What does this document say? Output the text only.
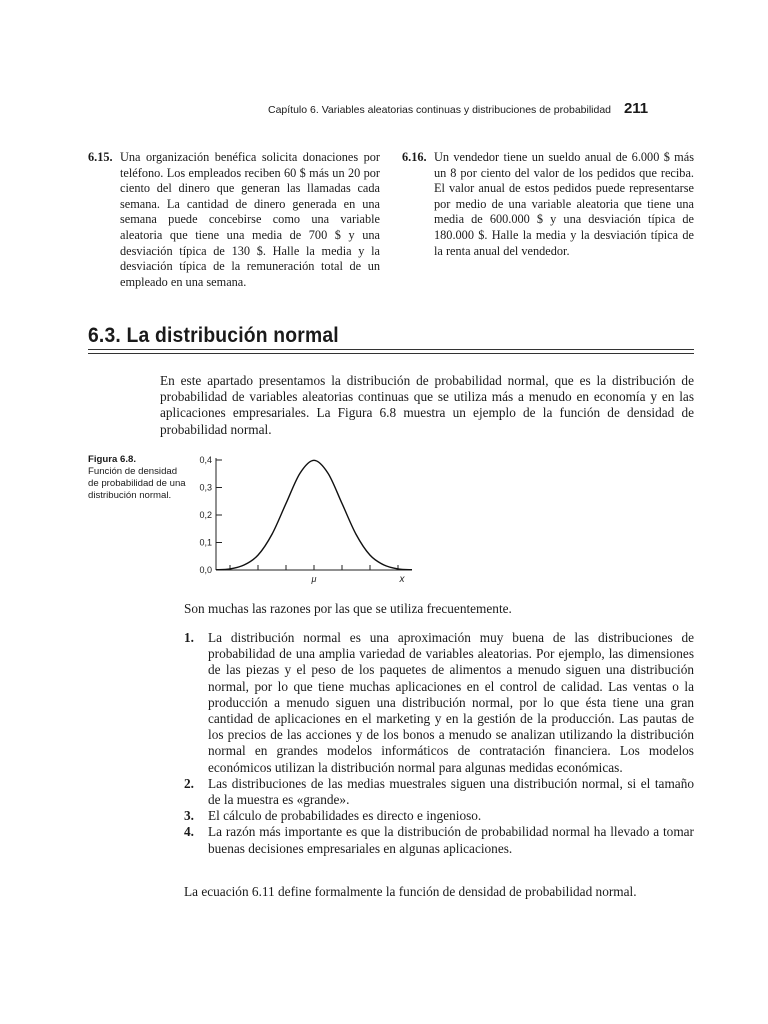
Capítulo 6. Variables aleatorias continuas y distribuciones de probabilidad 211
6.15. Una organización benéfica solicita donaciones por teléfono. Los empleados reciben 60 $ más un 20 por ciento del dinero que generan las llamadas cada semana. La cantidad de dinero generada en una semana puede concebirse como una variable aleatoria que tiene una media de 700 $ y una desviación típica de 130 $. Halle la media y la desviación típica de la remuneración total de un empleado en una semana.
6.16. Un vendedor tiene un sueldo anual de 6.000 $ más un 8 por ciento del valor de los pedidos que reciba. El valor anual de estos pedidos puede representarse por medio de una variable aleatoria que tiene una media de 600.000 $ y una desviación típica de 180.000 $. Halle la media y la desviación típica de la renta anual del vendedor.
6.3. La distribución normal
En este apartado presentamos la distribución de probabilidad normal, que es la distribución de probabilidad de variables aleatorias continuas que se utiliza más a menudo en economía y en las aplicaciones empresariales. La Figura 6.8 muestra un ejemplo de la función de densidad de probabilidad normal.
Figura 6.8.
Función de densidad de probabilidad de una distribución normal.
0,0
0,1
0,2
0,3
0,4
μ	x
Son muchas las razones por las que se utiliza frecuentemente.
1.	La distribución normal es una aproximación muy buena de las distribuciones de probabilidad de una amplia variedad de variables aleatorias. Por ejemplo, las dimensiones de las piezas y el peso de los paquetes de alimentos a menudo siguen una distribución normal, por lo que tiene muchas aplicaciones en el control de calidad. Las ventas o la producción a menudo siguen una distribución normal, por lo que ésta tiene una gran cantidad de aplicaciones en el marketing y en la gestión de la producción. Las pautas de los precios de las acciones y de los bonos a menudo se analizan utilizando la distribución normal en grandes modelos informáticos de contratación financiera. Los modelos económicos utilizan la distribución normal para algunas medidas económicas.
2.	Las distribuciones de las medias muestrales siguen una distribución normal, si el tamaño de la muestra es «grande».
3.	El cálculo de probabilidades es directo e ingenioso.
4.	La razón más importante es que la distribución de probabilidad normal ha llevado a tomar buenas decisiones empresariales en algunas aplicaciones.
La ecuación 6.11 define formalmente la función de densidad de probabilidad normal.
